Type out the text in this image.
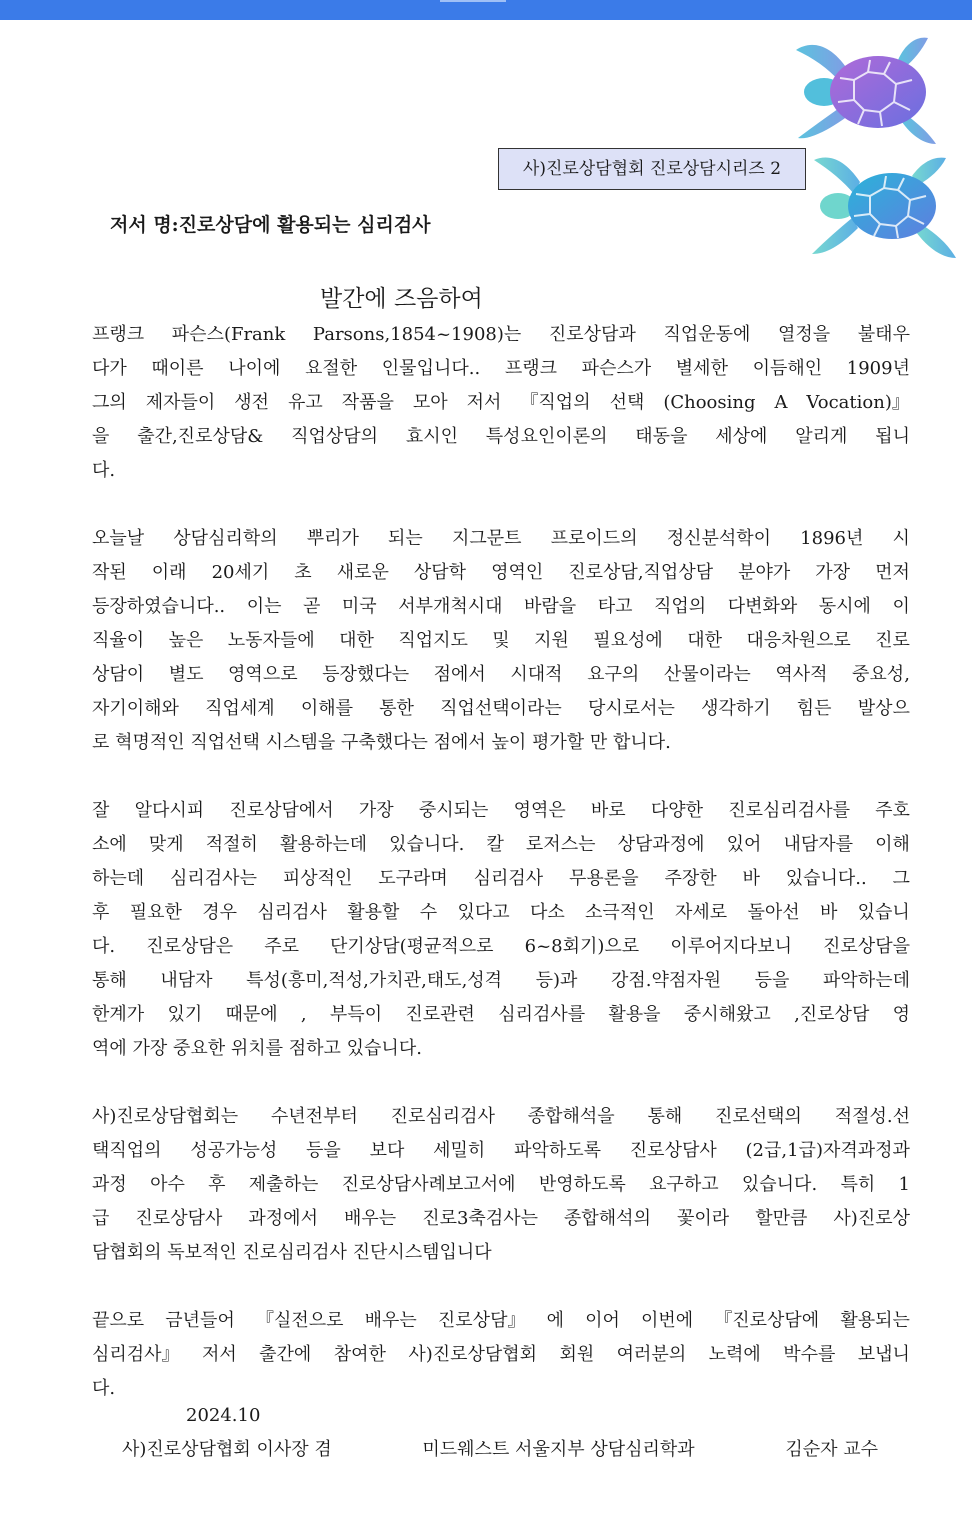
사)진로상담협회 진로상담시리즈 2
저서 명:진로상담에 활용되는 심리검사
발간에 즈음하여
프랭크 파슨스(Frank Parsons,1854~1908)는 진로상담과 직업운동에 열정을 불태우
다가 때이른 나이에 요절한 인물입니다.. 프랭크 파슨스가 별세한 이듬해인 1909년
그의 제자들이 생전 유고 작품을 모아 저서 『직업의 선택 (Choosing A Vocation)』
을 출간,진로상담& 직업상담의 효시인 특성요인이론의 태동을 세상에 알리게 됩니
다.
오늘날 상담심리학의 뿌리가 되는 지그문트 프로이드의 정신분석학이 1896년 시
작된 이래 20세기 초 새로운 상담학 영역인 진로상담,직업상담 분야가 가장 먼저
등장하였습니다.. 이는 곧 미국 서부개척시대 바람을 타고 직업의 다변화와 동시에 이
직율이 높은 노동자들에 대한 직업지도 및 지원 필요성에 대한 대응차원으로 진로
상담이 별도 영역으로 등장했다는 점에서 시대적 요구의 산물이라는 역사적 중요성,
자기이해와 직업세계 이해를 통한 직업선택이라는 당시로서는 생각하기 힘든 발상으
로 혁명적인 직업선택 시스템을 구축했다는 점에서 높이 평가할 만 합니다.
잘 알다시피 진로상담에서 가장 중시되는 영역은 바로 다양한 진로심리검사를 주호
소에 맞게 적절히 활용하는데 있습니다. 칼 로저스는 상담과정에 있어 내담자를 이해
하는데 심리검사는 피상적인 도구라며 심리검사 무용론을 주장한 바 있습니다.. 그
후 필요한 경우 심리검사 활용할 수 있다고 다소 소극적인 자세로 돌아선 바 있습니
다. 진로상담은 주로 단기상담(평균적으로 6~8회기)으로 이루어지다보니 진로상담을
통해 내담자 특성(흥미,적성,가치관,태도,성격 등)과 강점.약점자원 등을 파악하는데
한계가 있기 때문에 , 부득이 진로관련 심리검사를 활용을 중시해왔고 ,진로상담 영
역에 가장 중요한 위치를 점하고 있습니다.
사)진로상담협회는 수년전부터 진로심리검사 종합해석을 통해 진로선택의 적절성.선
택직업의 성공가능성 등을 보다 세밀히 파악하도록 진로상담사 (2급,1급)자격과정과
과정 아수 후 제출하는 진로상담사례보고서에 반영하도록 요구하고 있습니다. 특히 1
급 진로상담사 과정에서 배우는 진로3축검사는 종합해석의 꽃이라 할만큼 사)진로상
담협회의 독보적인 진로심리검사 진단시스템입니다
끝으로 금년들어 『실전으로 배우는 진로상담』 에 이어 이번에 『진로상담에 활용되는
심리검사』 저서 출간에 참여한 사)진로상담협회 회원 여러분의 노력에 박수를 보냅니
다.
2024.10
사)진로상담협회 이사장 겸	미드웨스트 서울지부 상담심리학과	김순자 교수
